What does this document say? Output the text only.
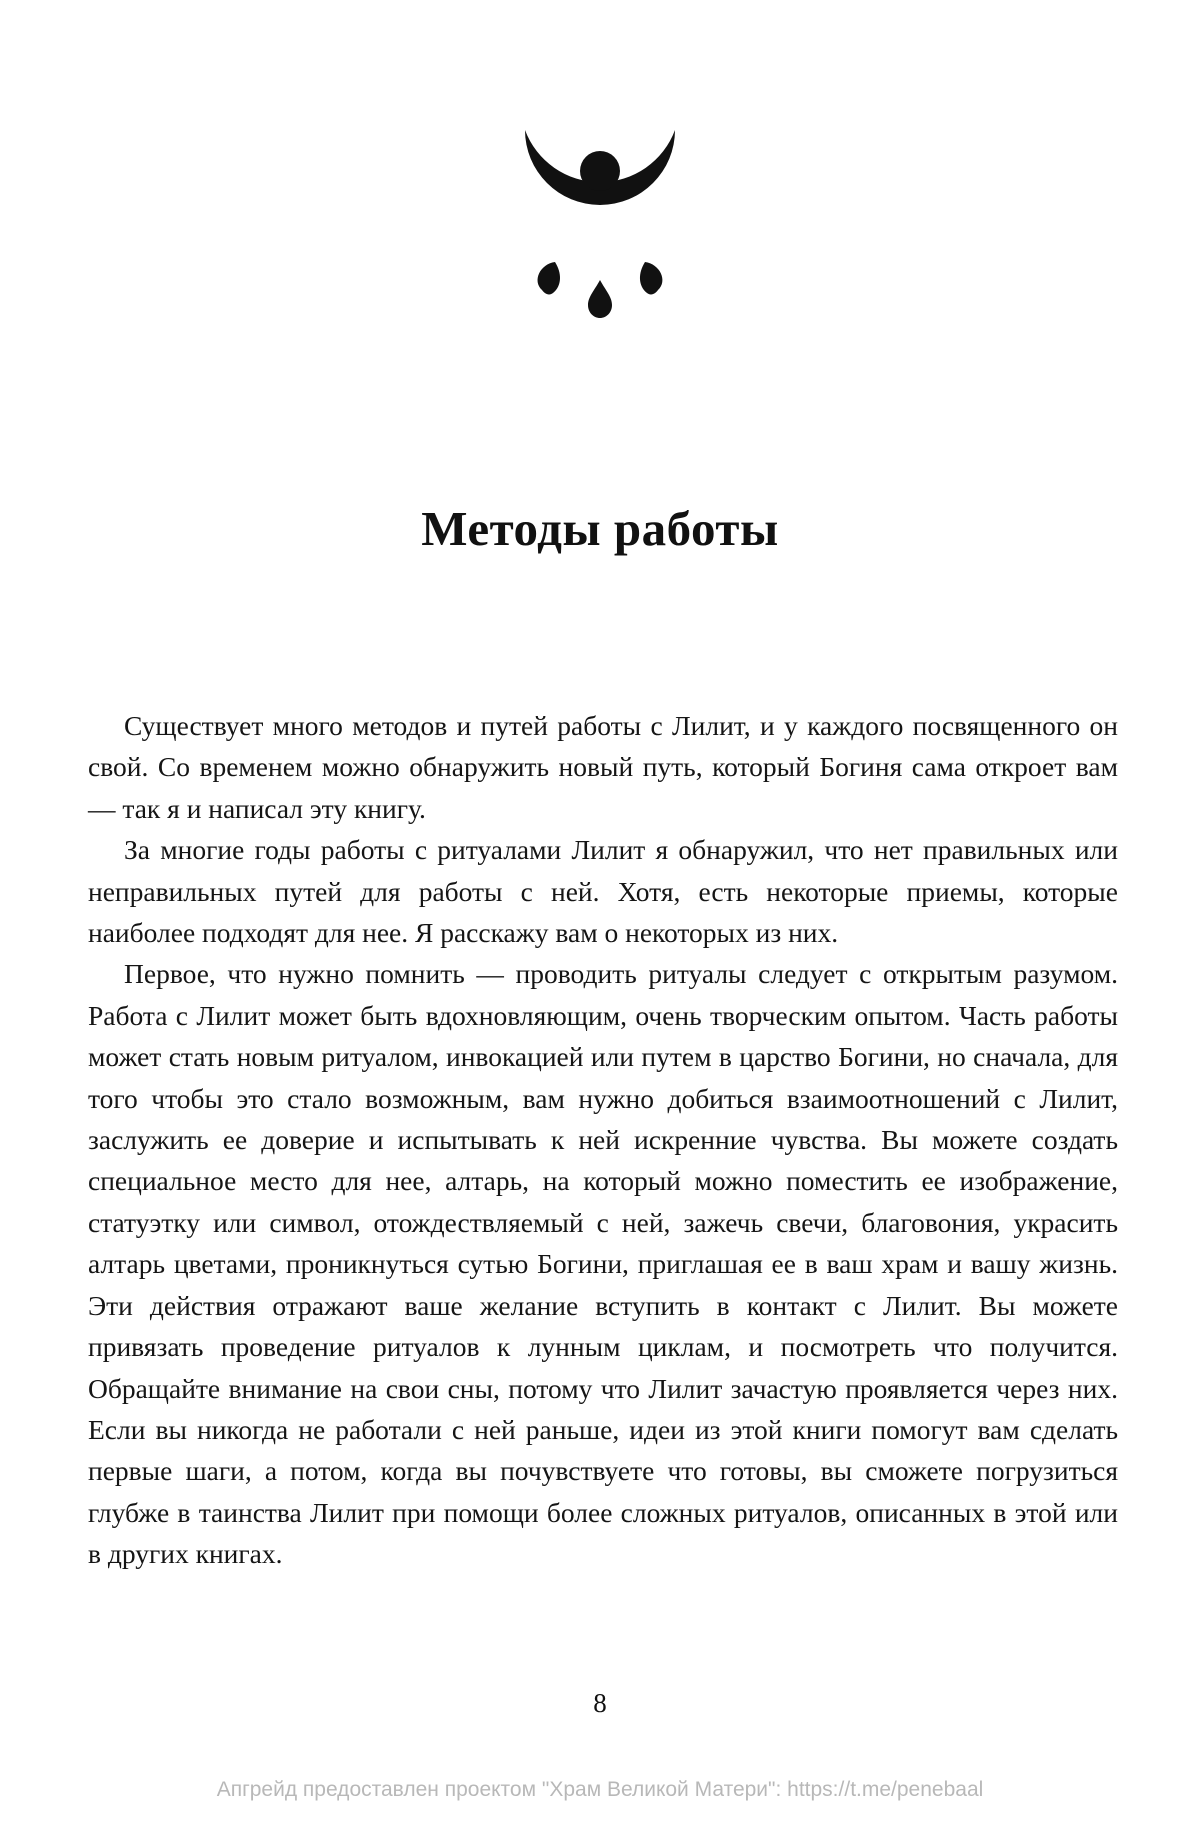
Методы работы

Существует много методов и путей работы с Лилит, и у каждого посвященного он свой. Со временем можно обнаружить новый путь, который Богиня сама откроет вам — так я и написал эту книгу.

За многие годы работы с ритуалами Лилит я обнаружил, что нет правильных или неправильных путей для работы с ней. Хотя, есть некоторые приемы, которые наиболее подходят для нее. Я расскажу вам о некоторых из них.

Первое, что нужно помнить — проводить ритуалы следует с открытым разумом. Работа с Лилит может быть вдохновляющим, очень творческим опытом. Часть работы может стать новым ритуалом, инвокацией или путем в царство Богини, но сначала, для того чтобы это стало возможным, вам нужно добиться взаимоотношений с Лилит, заслужить ее доверие и испытывать к ней искренние чувства. Вы можете создать специальное место для нее, алтарь, на который можно поместить ее изображение, статуэтку или символ, отождествляемый с ней, зажечь свечи, благовония, украсить алтарь цветами, проникнуться сутью Богини, приглашая ее в ваш храм и вашу жизнь. Эти действия отражают ваше желание вступить в контакт с Лилит. Вы можете привязать проведение ритуалов к лунным циклам, и посмотреть что получится. Обращайте внимание на свои сны, потому что Лилит зачастую проявляется через них. Если вы никогда не работали с ней раньше, идеи из этой книги помогут вам сделать первые шаги, а потом, когда вы почувствуете что готовы, вы сможете погрузиться глубже в таинства Лилит при помощи более сложных ритуалов, описанных в этой или в других книгах.

8
Апгрейд предоставлен проектом "Храм Великой Матери": https://t.me/penebaal
